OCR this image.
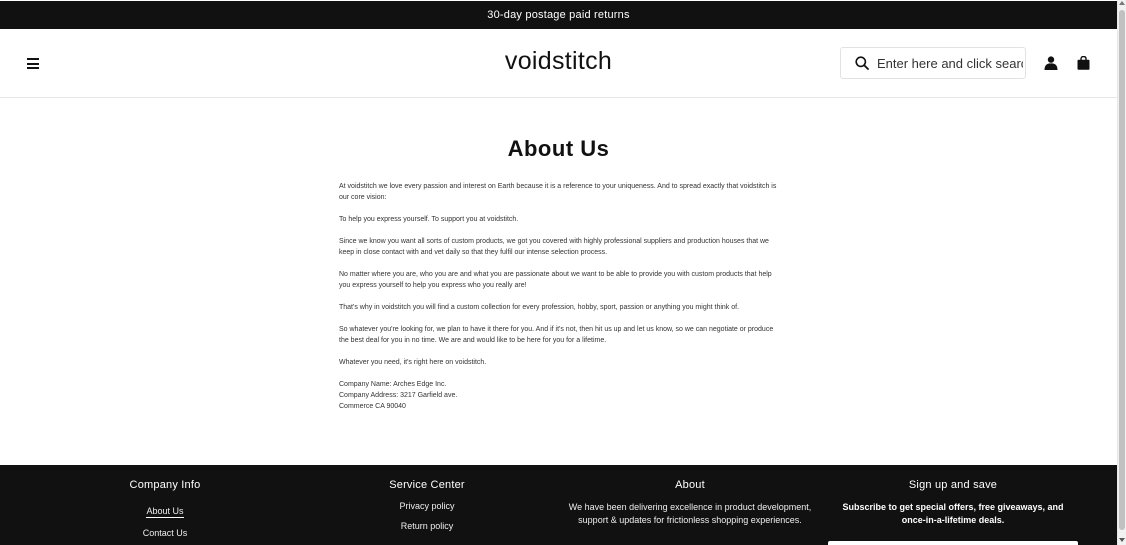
30-day postage paid returns
voidstitch
Enter here and click search
About Us

At voidstitch we love every passion and interest on Earth because it is a reference to your uniqueness. And to spread exactly that voidstitch is our core vision:

To help you express yourself. To support you at voidstitch.

Since we know you want all sorts of custom products, we got you covered with highly professional suppliers and production houses that we keep in close contact with and vet daily so that they fulfil our intense selection process.

No matter where you are, who you are and what you are passionate about we want to be able to provide you with custom products that help you express yourself to help you express who you really are!

That's why in voidstitch you will find a custom collection for every profession, hobby, sport, passion or anything you might think of.

So whatever you're looking for, we plan to have it there for you. And if it's not, then hit us up and let us know, so we can negotiate or produce the best deal for you in no time. We are and would like to be here for you for a lifetime.

Whatever you need, it's right here on voidstitch.

Company Name: Arches Edge Inc.

Company Address: 3217 Garfield ave.

Commerce CA 90040

Company Info
About Us
Contact Us
Service Center
Privacy policy
Return policy
About

We have been delivering excellence in product development, support & updates for frictionless shopping experiences.

Sign up and save

Subscribe to get special offers, free giveaways, and once-in-a-lifetime deals.
